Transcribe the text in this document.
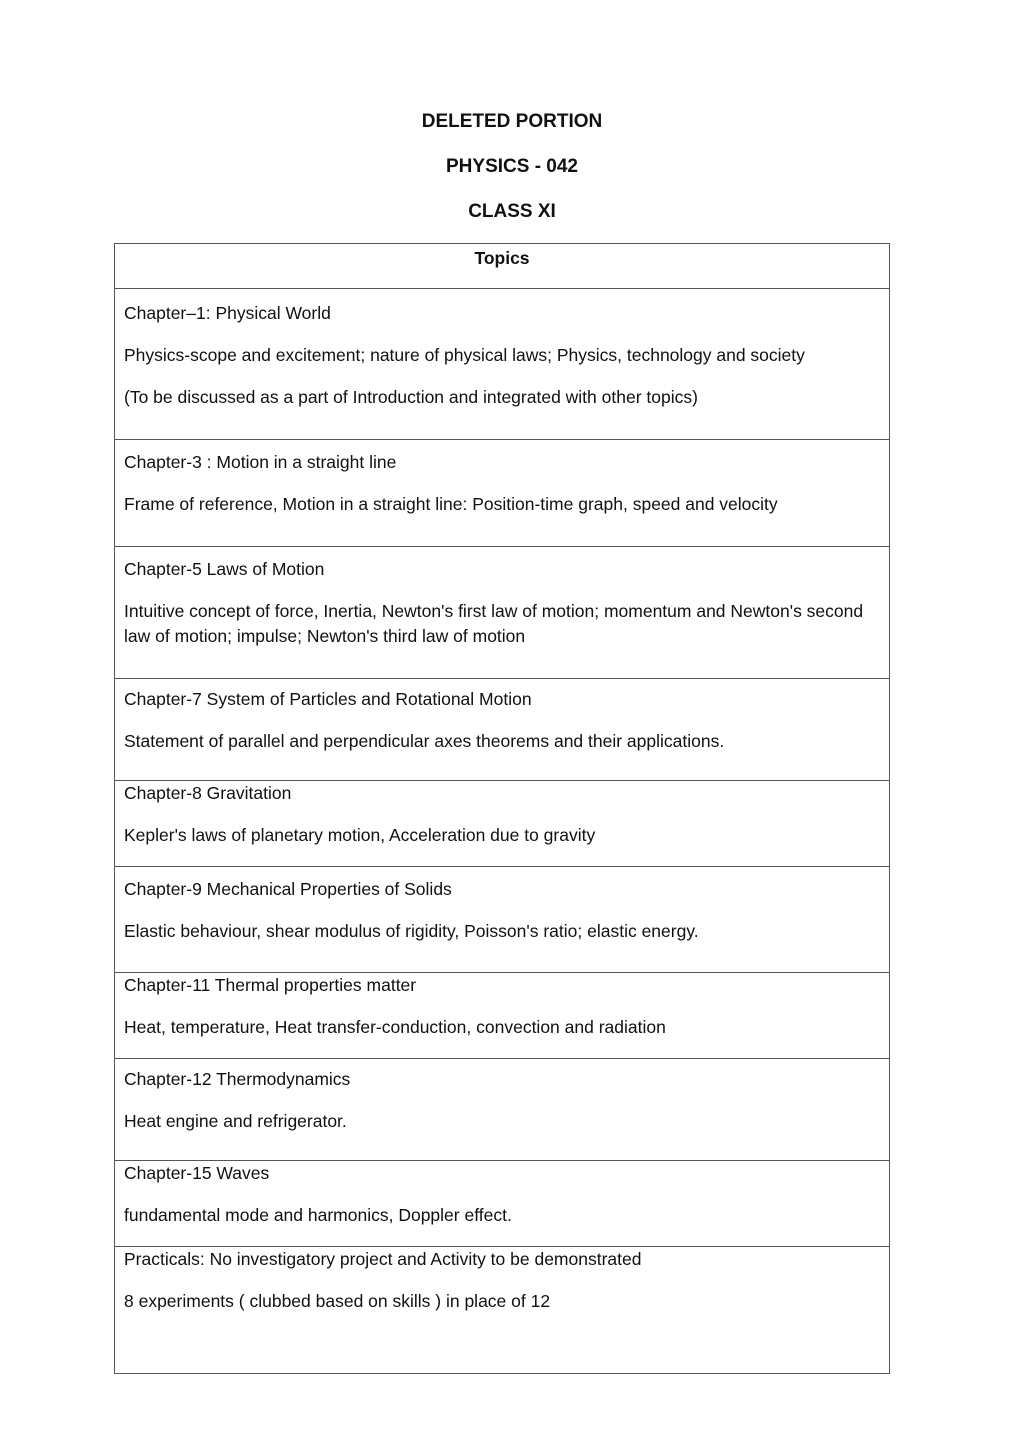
DELETED PORTION
PHYSICS - 042
CLASS XI
Topics

Chapter–1: Physical World
Physics-scope and excitement; nature of physical laws; Physics, technology and society
(To be discussed as a part of Introduction and integrated with other topics)

Chapter-3 : Motion in a straight line
Frame of reference, Motion in a straight line: Position-time graph, speed and velocity

Chapter-5 Laws of Motion
Intuitive concept of force, Inertia, Newton's first law of motion; momentum and Newton's second law of motion; impulse; Newton's third law of motion

Chapter-7 System of Particles and Rotational Motion
Statement of parallel and perpendicular axes theorems and their applications.

Chapter-8 Gravitation
Kepler's laws of planetary motion, Acceleration due to gravity

Chapter-9 Mechanical Properties of Solids
Elastic behaviour, shear modulus of rigidity, Poisson's ratio; elastic energy.

Chapter-11 Thermal properties matter
Heat, temperature, Heat transfer-conduction, convection and radiation

Chapter-12 Thermodynamics
Heat engine and refrigerator.

Chapter-15 Waves
fundamental mode and harmonics, Doppler effect.

Practicals: No investigatory project and Activity to be demonstrated
8 experiments ( clubbed based on skills ) in place of 12
